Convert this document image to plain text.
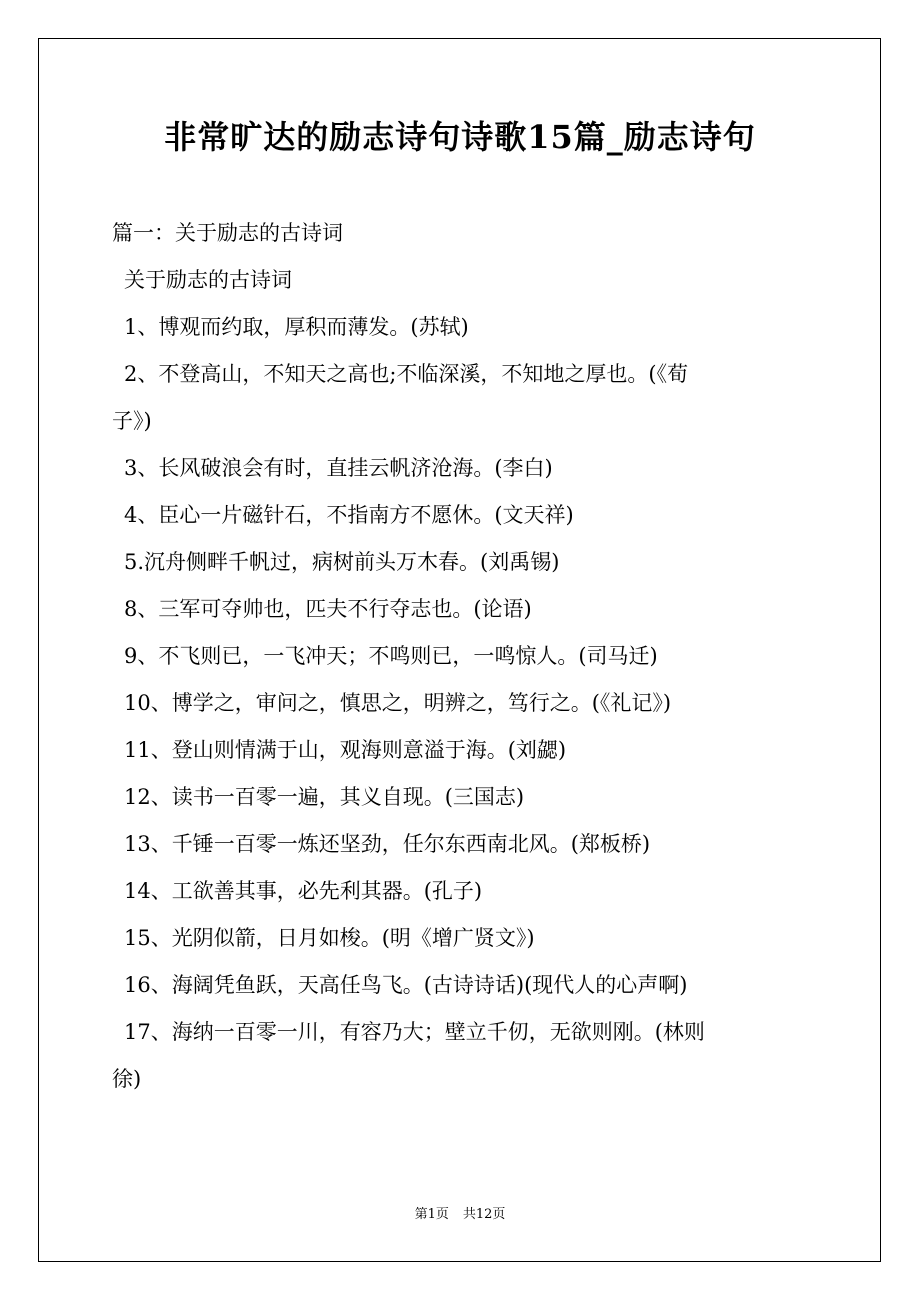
非常旷达的励志诗句诗歌15篇_励志诗句
篇一：关于励志的古诗词
关于励志的古诗词
1、博观而约取，厚积而薄发。(苏轼)
2、不登高山，不知天之高也;不临深溪，不知地之厚也。(《荀
子》)
3、长风破浪会有时，直挂云帆济沧海。(李白)
4、臣心一片磁针石，不指南方不愿休。(文天祥)
5.沉舟侧畔千帆过，病树前头万木春。(刘禹锡)
8、三军可夺帅也，匹夫不行夺志也。(论语)
9、不飞则已，一飞冲天；不鸣则已，一鸣惊人。(司马迁)
10、博学之，审问之，慎思之，明辨之，笃行之。(《礼记》)
11、登山则情满于山，观海则意溢于海。(刘勰)
12、读书一百零一遍，其义自现。(三国志)
13、千锤一百零一炼还坚劲，任尔东西南北风。(郑板桥)
14、工欲善其事，必先利其器。(孔子)
15、光阴似箭，日月如梭。(明《增广贤文》)
16、海阔凭鱼跃，天高任鸟飞。(古诗诗话)(现代人的心声啊)
17、海纳一百零一川，有容乃大；壁立千仞，无欲则刚。(林则
徐)
第1页 共12页
